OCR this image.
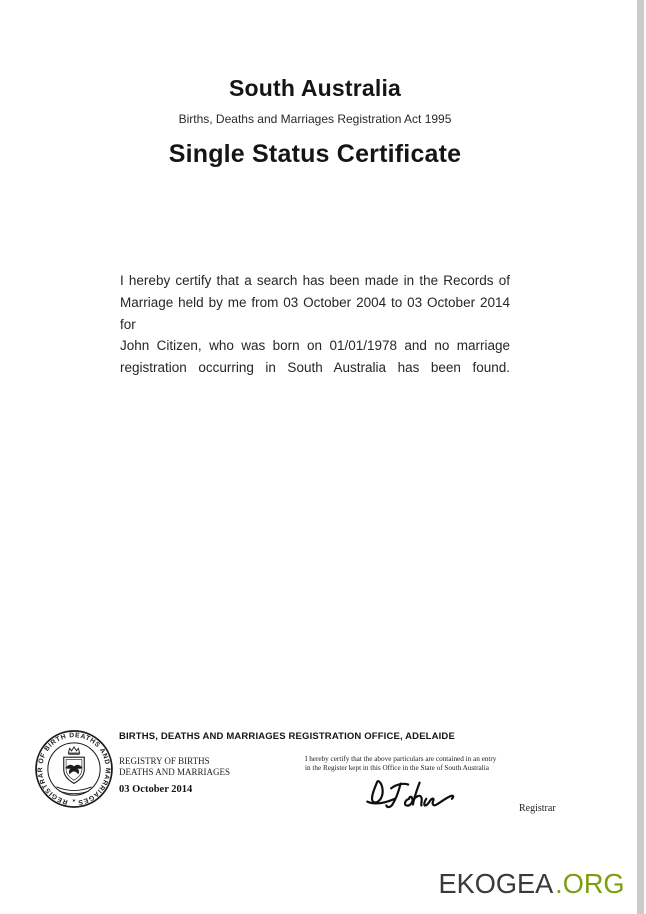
South Australia
Births, Deaths and Marriages Registration Act 1995
Single Status Certificate
I hereby certify that a search has been made in the Records of
Marriage held by me from 03 October 2004 to 03 October 2014 for
John Citizen, who was born on 01/01/1978 and no marriage
registration occurring in South Australia has been found.
REGISTRAR OF BIRTH DEATHS AND MARRIAGES
✶
BIRTHS, DEATHS AND MARRIAGES REGISTRATION OFFICE, ADELAIDE
REGISTRY OF BIRTHS
DEATHS AND MARRIAGES
03 October 2014
I hereby certify that the above particulars are contained in an entry
in the Register kept in this Office in the State of South Australia
Registrar
EKOGEA.ORG
